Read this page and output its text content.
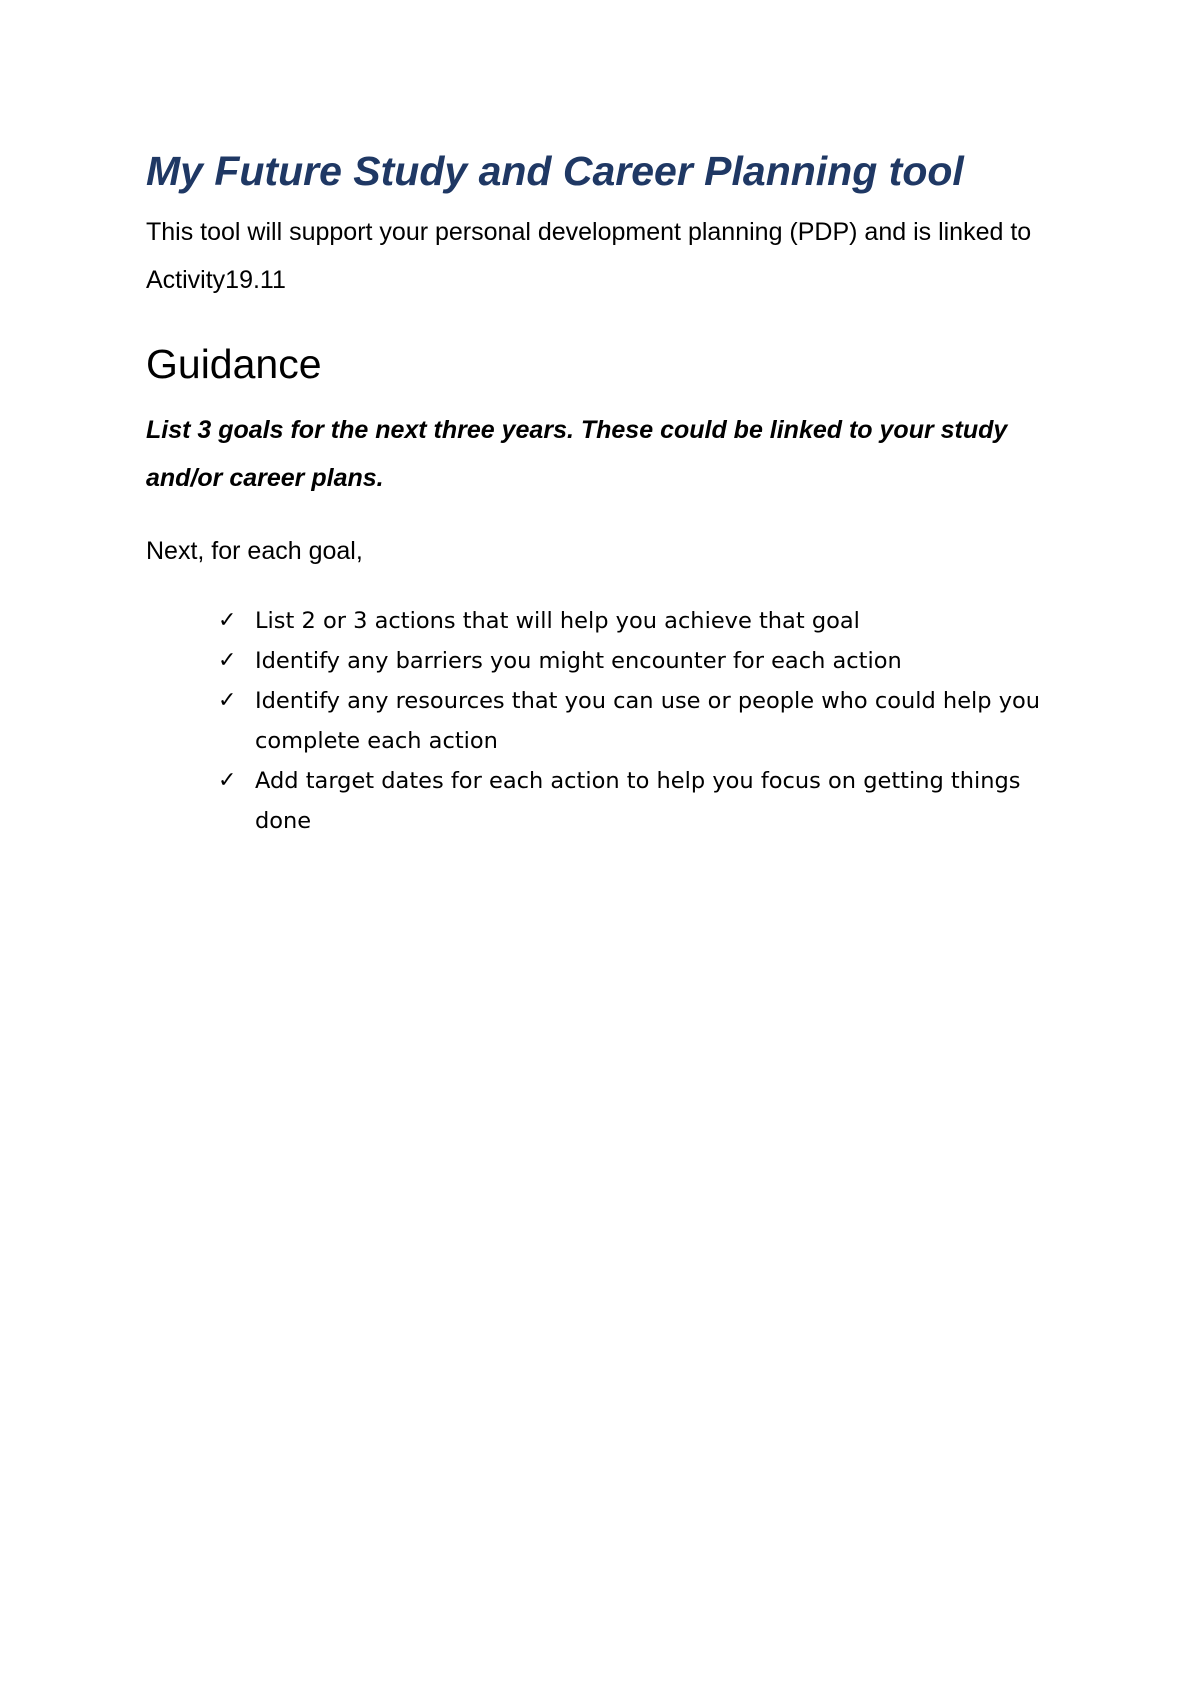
My Future Study and Career Planning tool

This tool will support your personal development planning (PDP) and is linked to Activity19.11

Guidance

List 3 goals for the next three years. These could be linked to your study and/or career plans.

Next, for each goal,

✓ List 2 or 3 actions that will help you achieve that goal
✓ Identify any barriers you might encounter for each action
✓ Identify any resources that you can use or people who could help you complete each action
✓ Add target dates for each action to help you focus on getting things done
